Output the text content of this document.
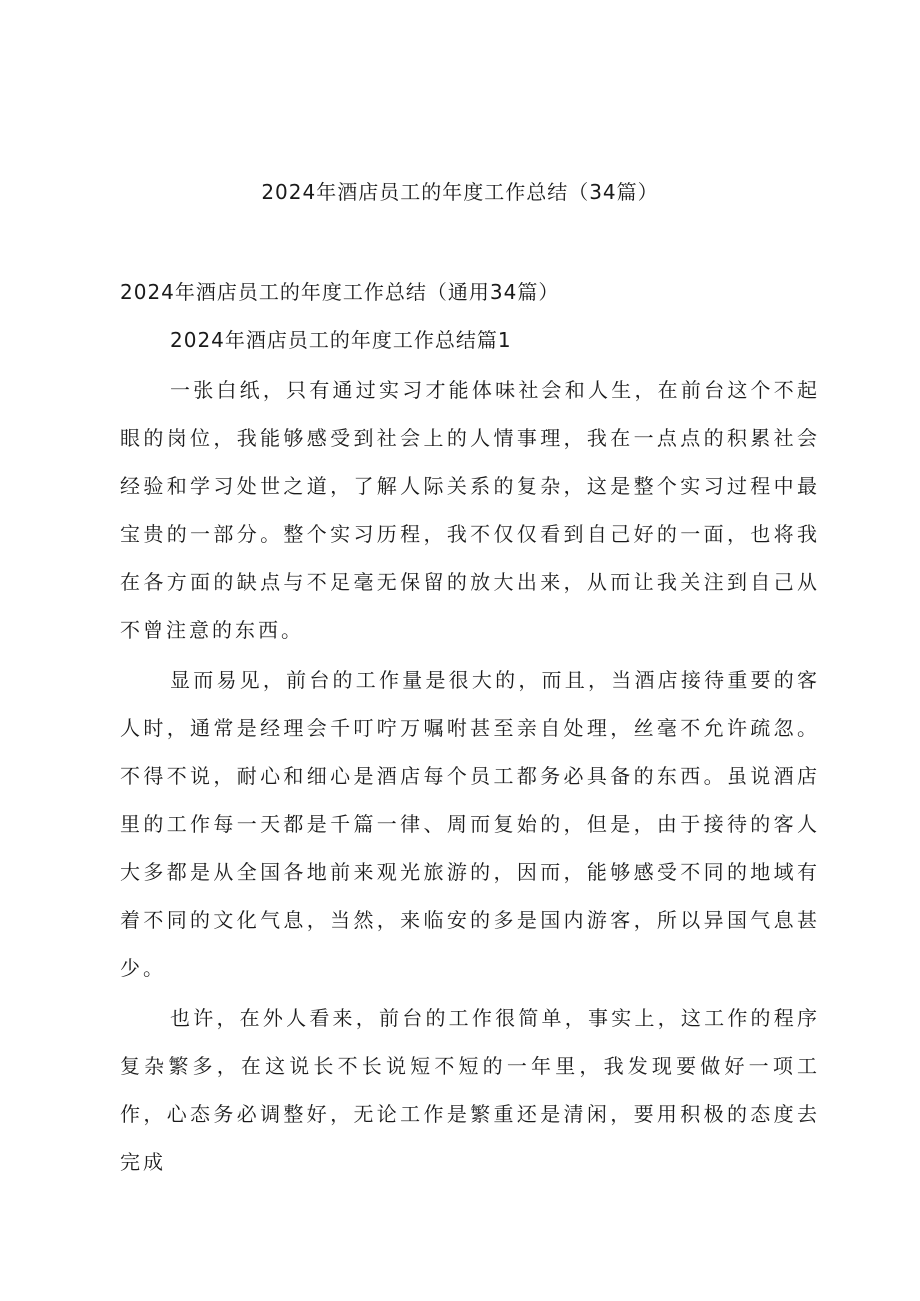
2024年酒店员工的年度工作总结（34篇）
2024年酒店员工的年度工作总结（通用34篇）
2024年酒店员工的年度工作总结篇1

一张白纸，只有通过实习才能体味社会和人生，在前台这个不起眼的岗位，我能够感受到社会上的人情事理，我在一点点的积累社会经验和学习处世之道，了解人际关系的复杂，这是整个实习过程中最宝贵的一部分。整个实习历程，我不仅仅看到自己好的一面，也将我在各方面的缺点与不足毫无保留的放大出来，从而让我关注到自己从不曾注意的东西。

显而易见，前台的工作量是很大的，而且，当酒店接待重要的客人时，通常是经理会千叮咛万嘱咐甚至亲自处理，丝毫不允许疏忽。不得不说，耐心和细心是酒店每个员工都务必具备的东西。虽说酒店里的工作每一天都是千篇一律、周而复始的，但是，由于接待的客人大多都是从全国各地前来观光旅游的，因而，能够感受不同的地域有着不同的文化气息，当然，来临安的多是国内游客，所以异国气息甚少。

也许，在外人看来，前台的工作很简单，事实上，这工作的程序复杂繁多，在这说长不长说短不短的一年里，我发现要做好一项工作，心态务必调整好，无论工作是繁重还是清闲，要用积极的态度去完成
